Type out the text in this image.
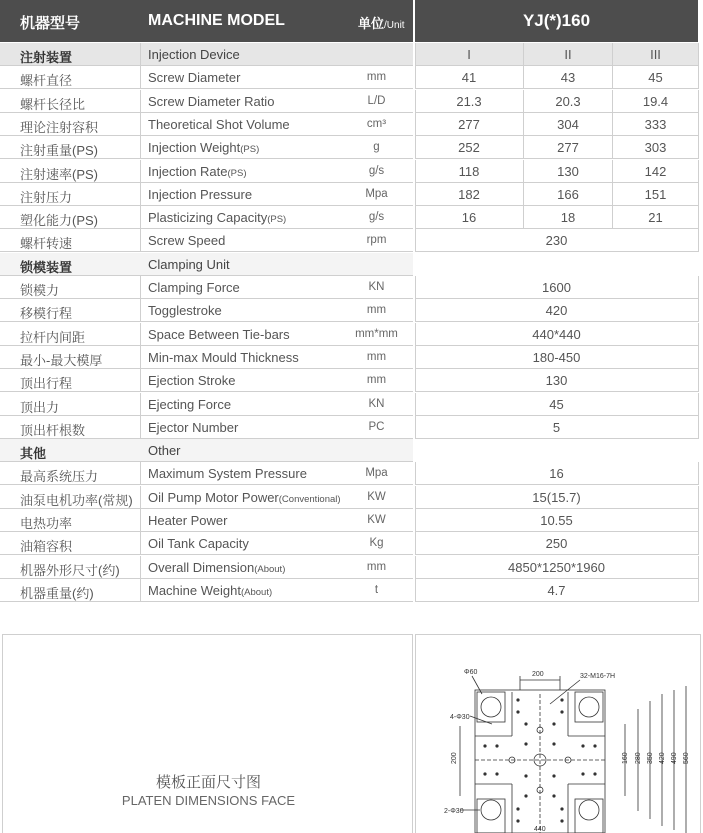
机器型号	MACHINE MODEL	单位/Unit	YJ(*)160
注射装置	Injection Device	I	II	III
螺杆直径	Screw Diameter	mm	41	43	45
螺杆长径比	Screw Diameter Ratio	L/D	21.3	20.3	19.4
理论注射容积	Theoretical Shot Volume	cm³	277	304	333
注射重量(PS)	Injection Weight(PS)	g	252	277	303
注射速率(PS)	Injection Rate(PS)	g/s	118	130	142
注射压力	Injection Pressure	Mpa	182	166	151
塑化能力(PS)	Plasticizing Capacity(PS)	g/s	16	18	21
螺杆转速	Screw Speed	rpm	230
锁模装置	Clamping Unit
锁模力	Clamping Force	KN	1600
移模行程	Togglestroke	mm	420
拉杆内间距	Space Between Tie-bars	mm*mm	440*440
最小-最大模厚	Min-max Mould Thickness	mm	180-450
顶出行程	Ejection Stroke	mm	130
顶出力	Ejecting Force	KN	45
顶出杆根数	Ejector Number	PC	5
其他	Other
最高系统压力	Maximum System Pressure	Mpa	16
油泵电机功率(常规) Oil Pump Motor Power(Conventional)	KW	15(15.7)
电热功率	Heater Power	KW	10.55
油箱容积	Oil Tank Capacity	Kg	250
机器外形尺寸(约) Overall Dimension(About)	mm	4850*1250*1960
机器重量(约)	Machine Weight(About)	t	4.7
模板正面尺寸图
PLATEN DIMENSIONS FACE
Φ60	200	32-M16-7H
4-Φ30
2-Φ30
200	160 280 350 420 490 560
440
